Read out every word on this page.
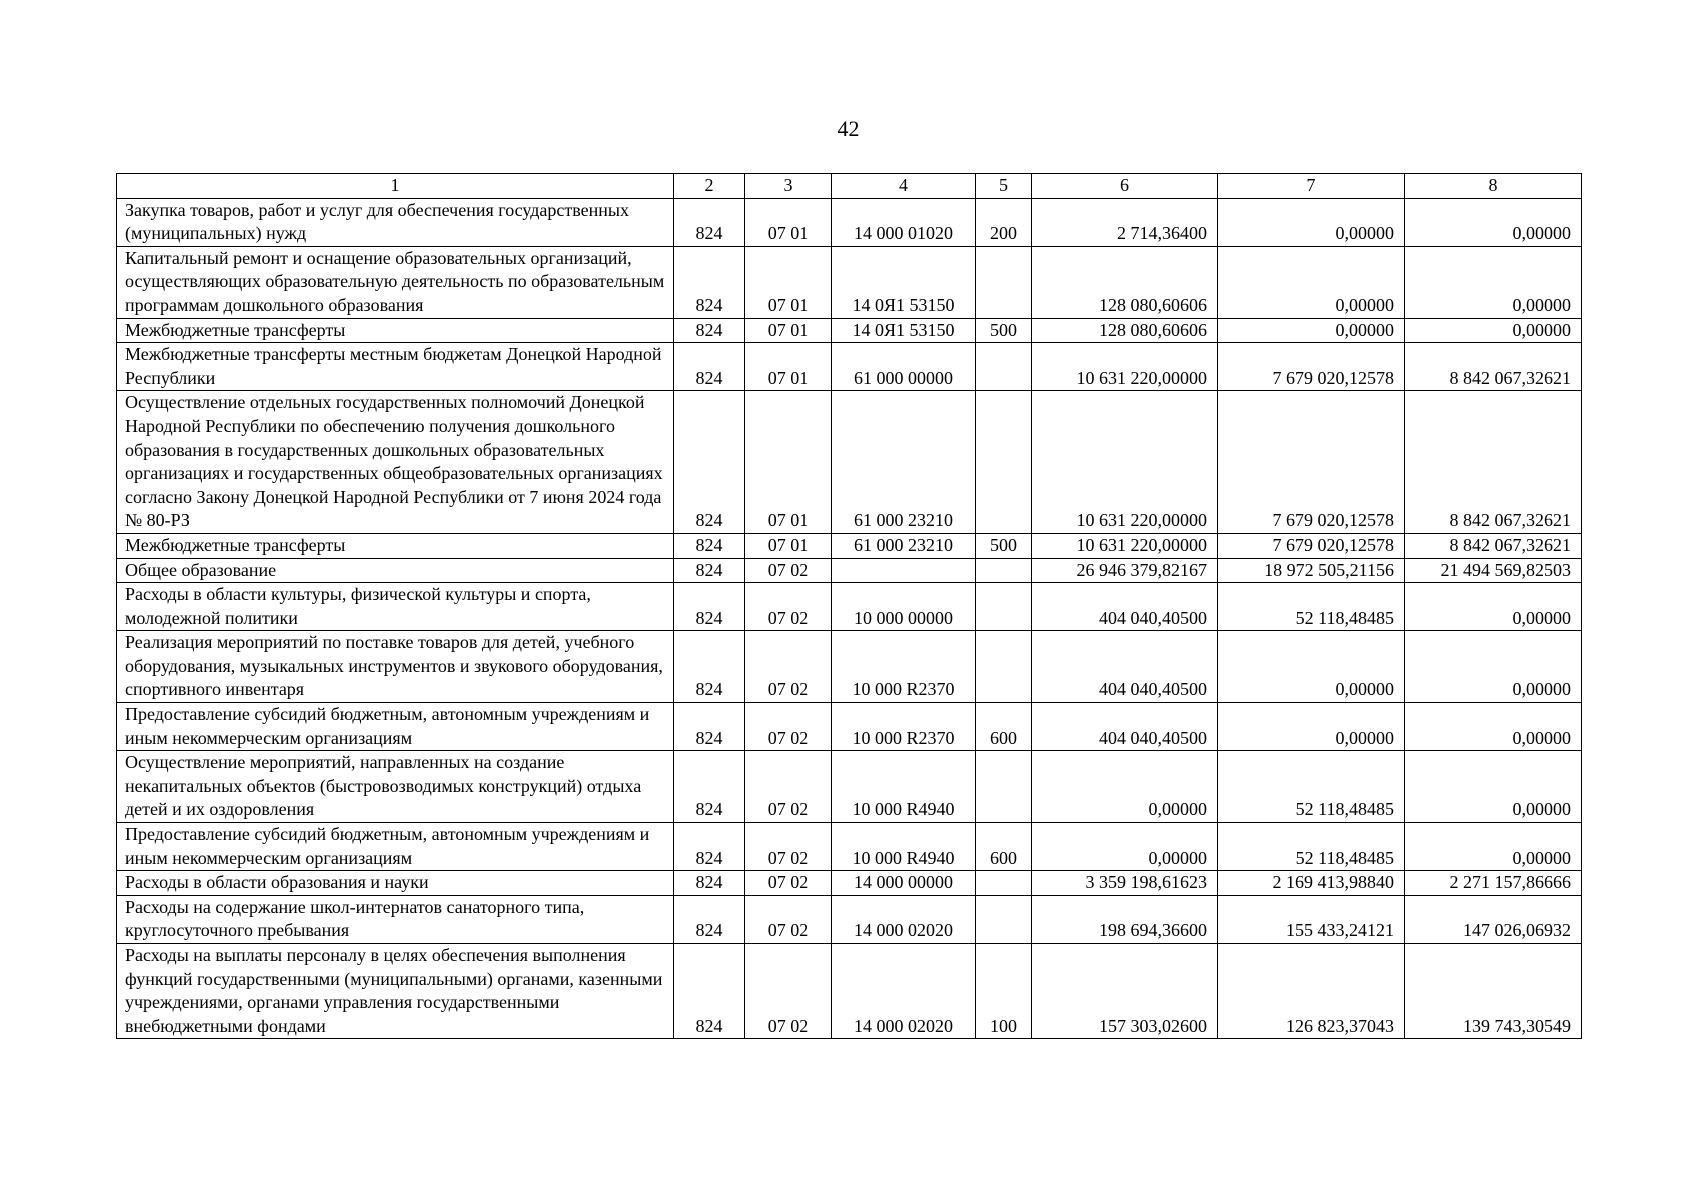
42
1	2	3	4	5	6	7	8
Закупка товаров, работ и услуг для обеспечения государственных (муниципальных) нужд	824	07 01	14 000 01020	200	2 714,36400	0,00000	0,00000
Капитальный ремонт и оснащение образовательных организаций, осуществляющих образовательную деятельность по образовательным программам дошкольного образования	824	07 01	14 0Я1 53150		128 080,60606	0,00000	0,00000
Межбюджетные трансферты	824	07 01	14 0Я1 53150	500	128 080,60606	0,00000	0,00000
Межбюджетные трансферты местным бюджетам Донецкой Народной Республики	824	07 01	61 000 00000		10 631 220,00000	7 679 020,12578	8 842 067,32621
Осуществление отдельных государственных полномочий Донецкой Народной Республики по обеспечению получения дошкольного образования в государственных дошкольных образовательных организациях и государственных общеобразовательных организациях согласно Закону Донецкой Народной Республики от 7 июня 2024 года № 80-РЗ	824	07 01	61 000 23210		10 631 220,00000	7 679 020,12578	8 842 067,32621
Межбюджетные трансферты	824	07 01	61 000 23210	500	10 631 220,00000	7 679 020,12578	8 842 067,32621
Общее образование	824	07 02			26 946 379,82167	18 972 505,21156	21 494 569,82503
Расходы в области культуры, физической культуры и спорта, молодежной политики	824	07 02	10 000 00000		404 040,40500	52 118,48485	0,00000
Реализация мероприятий по поставке товаров для детей, учебного оборудования, музыкальных инструментов и звукового оборудования, спортивного инвентаря	824	07 02	10 000 R2370		404 040,40500	0,00000	0,00000
Предоставление субсидий бюджетным, автономным учреждениям и иным некоммерческим организациям	824	07 02	10 000 R2370	600	404 040,40500	0,00000	0,00000
Осуществление мероприятий, направленных на создание некапитальных объектов (быстровозводимых конструкций) отдыха детей и их оздоровления	824	07 02	10 000 R4940		0,00000	52 118,48485	0,00000
Предоставление субсидий бюджетным, автономным учреждениям и иным некоммерческим организациям	824	07 02	10 000 R4940	600	0,00000	52 118,48485	0,00000
Расходы в области образования и науки	824	07 02	14 000 00000		3 359 198,61623	2 169 413,98840	2 271 157,86666
Расходы на содержание школ-интернатов санаторного типа, круглосуточного пребывания	824	07 02	14 000 02020		198 694,36600	155 433,24121	147 026,06932
Расходы на выплаты персоналу в целях обеспечения выполнения функций государственными (муниципальными) органами, казенными учреждениями, органами управления государственными внебюджетными фондами	824	07 02	14 000 02020	100	157 303,02600	126 823,37043	139 743,30549
